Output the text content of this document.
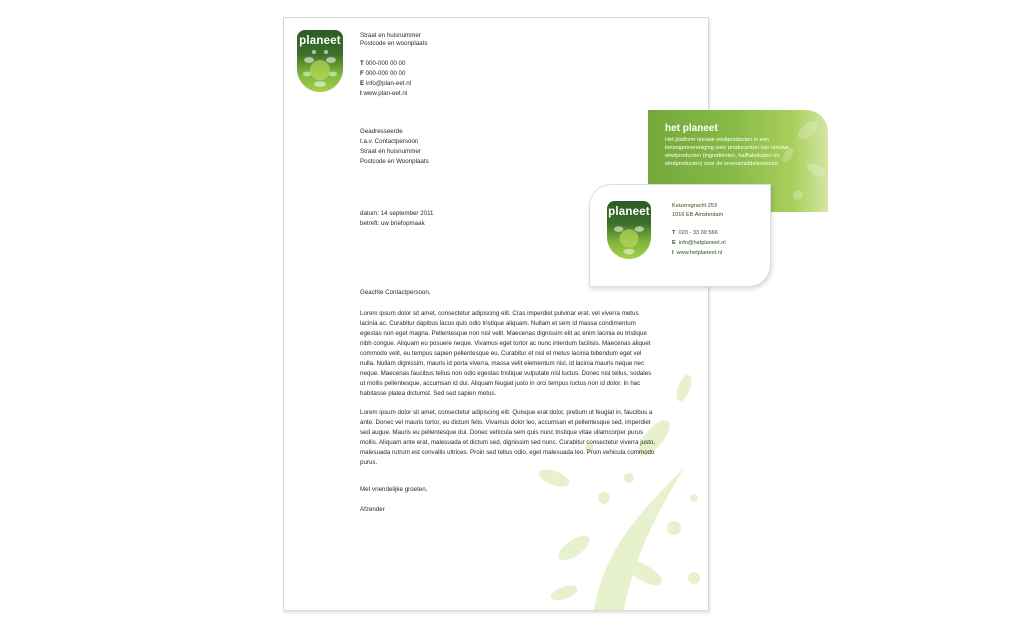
planeet	Straat en huisnummer
Postcode en woonplaats
T 000-000 00 00
F 000-000 00 00
E info@plan-eet.nl
I www.plan-eet.nl
Geadresseerde
t.a.v. Contactpersoon
Straat en huisnummer
Postcode en Woonplaats
datum: 14 september 2011
betreft: uw briefopmaak
Geachte Contactpersoon,
Lorem ipsum dolor sit amet, consectetur adipiscing elit. Cras imperdiet pulvinar erat, vel viverra metus lacinia ac. Curabitur dapibus lacus quis odio tristique aliquam. Nullam et sem id massa condimentum egestas non eget magna. Pellentesque non nisl velit. Maecenas dignissim elit ac enim lacinia eu tristique nibh congue. Aliquam eu posuere neque. Vivamus eget tortor ac nunc interdum facilisis. Maecenas aliquet commodo velit, eu tempus sapien pellentesque eu. Curabitur et nisl et metus lacinia bibendum eget vel nulla. Nullam dignissim, mauris id porta viverra, massa velit elementum nisl, id lacinia mauris neque nec neque. Maecenas faucibus tellus non odio egestas tristique vulputate nisl luctus. Donec nisl tellus, sodales ut mollis pellentesque, accumsan id dui. Aliquam feugiat justo in orci tempus luctus non id dolor. In hac habitasse platea dictumst. Sed sed sapien metus.
Lorem ipsum dolor sit amet, consectetur adipiscing elit. Quisque erat dolor, pretium ut feugiat in, faucibus a ante. Donec vel mauris tortor, eu dictum felis. Vivamus dolor leo, accumsan et pellentesque sed, imperdiet sed augue. Mauris eu pellentesque dui. Donec vehicula sem quis nunc tristique vitae ullamcorper purus mollis. Aliquam ante erat, malesuada et dictum sed, dignissim sed nunc. Curabitur consectetur viverra justo, malesuada rutrum est convallis ultrices. Proin sed tellus odio, eget malesuada leo. Proin vehicula commodo purus.
Met vriendelijke groeten,
Afzender
het planeet
Het platform nieuwe eiwitproducten is een belangenvereniging voor producenten van nieuwe eiwitproducten (ingrediënten, halffabrikaten en eindproducten) voor de levensmiddelensector.
planeet	Keizersgracht 253
1016 EB Amsterdam
T 020 - 33 00 566
E info@hetplaneet.nl
I www.hetplaneet.nl
